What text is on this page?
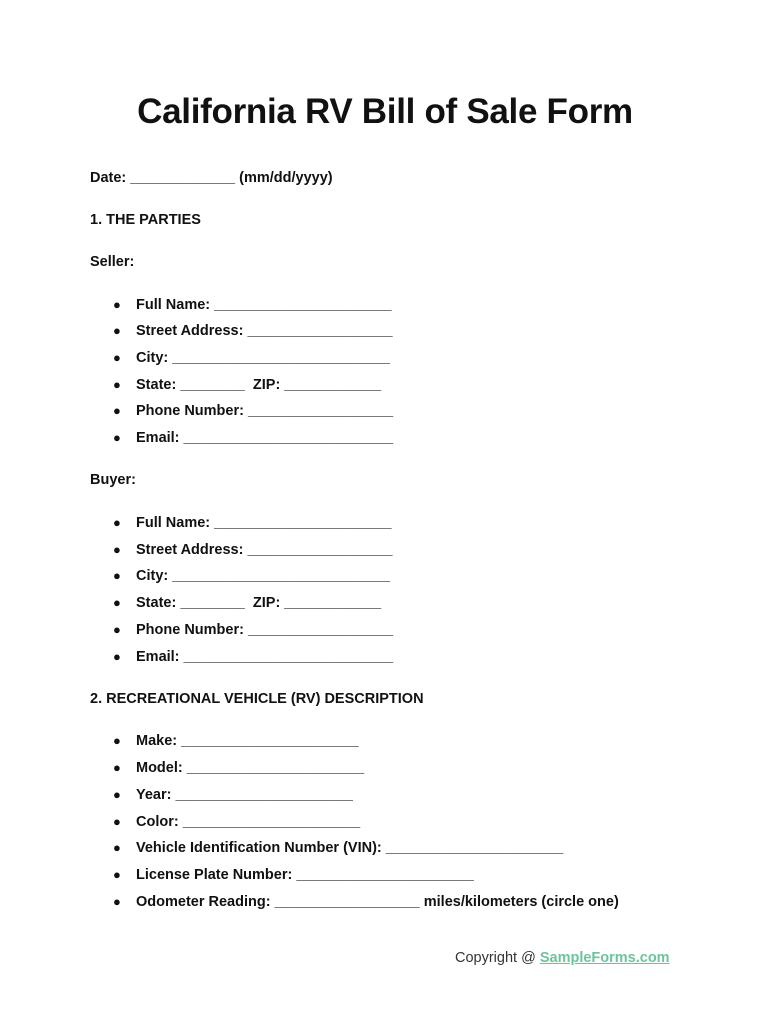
California RV Bill of Sale Form
Date: _____________ (mm/dd/yyyy)
1. THE PARTIES
Seller:
●	Full Name: ______________________
●	Street Address: __________________
●	City: ___________________________
●	State: ________  ZIP: ____________
●	Phone Number: __________________
●	Email: __________________________
Buyer:
●	Full Name: ______________________
●	Street Address: __________________
●	City: ___________________________
●	State: ________  ZIP: ____________
●	Phone Number: __________________
●	Email: __________________________
2. RECREATIONAL VEHICLE (RV) DESCRIPTION
●	Make: ______________________
●	Model: ______________________
●	Year: ______________________
●	Color: ______________________
●	Vehicle Identification Number (VIN): ______________________
●	License Plate Number: ______________________
●	Odometer Reading: __________________ miles/kilometers (circle one)
Copyright @ SampleForms.com
